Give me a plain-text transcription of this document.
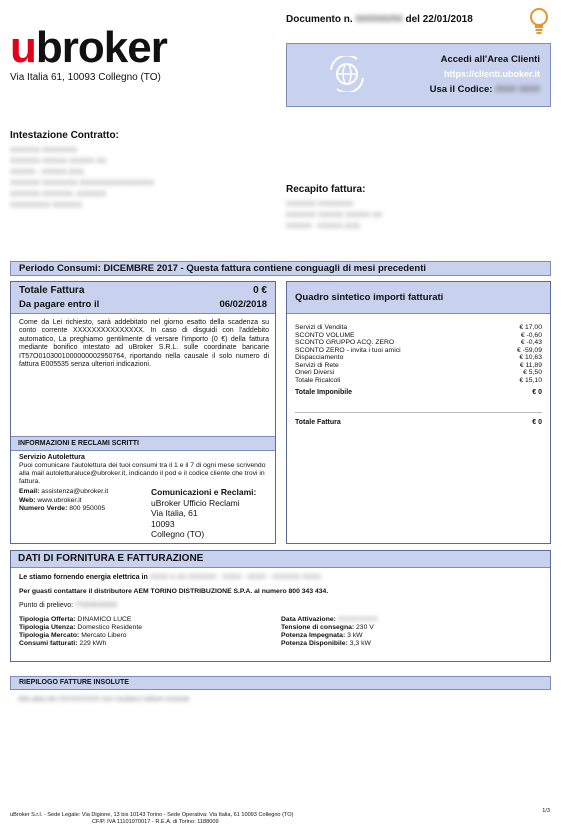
ubroker
Via Italia 61, 10093 Collegno (TO)
Documento n. 000000/00 del 22/01/2018
Accedi all'Area Clienti
https://clienti.uboker.it
Usa il Codice: 0000 0000
Intestazione Contratto:
XXXXXX XXXXXXX
XXXXXX XXXXX XXXXX XX
XXXXX - XXXXX (XX)
XXXXXX XXXXXXX XXXXXXXXXXXXXXX
XXXXXX XXXXXX: XXXXXX
XXXXXXXX XXXXXX
Recapito fattura:
XXXXXX XXXXXXX
XXXXXX XXXXX XXXXX XX
XXXXX - XXXXX (XX)
Periodo Consumi: DICEMBRE 2017 - Questa fattura contiene conguagli di mesi precedenti
Totale Fattura	0 €
Da pagare entro il	06/02/2018
Come da Lei richiesto, sarà addebitato nel giorno esatto della scadenza su conto corrente XXXXXXXXXXXXXXX. In caso di disguidi con l'addebito automatico, La preghiamo gentilmente di versare l'importo (0 €) della fattura mediante bonifico intestato ad uBroker S.R.L. sulle coordinate bancarie IT57O0103001000000002950764, riportando nella causale il solo numero di fattura E005535 senza ulteriori indicazioni.
INFORMAZIONI E RECLAMI SCRITTI
Servizio Autolettura
Puoi comunicare l'autolettura dei tuoi consumi tra il 1 e il 7 di ogni mese scrivendo alla mail autoletturaluce@ubroker.it, indicando il pod e il codice cliente che trovi in fattura.
Email: assistenza@ubroker.it
Web: www.ubroker.it
Numero Verde: 800 950005
Comunicazioni e Reclami:
uBroker Ufficio Reclami
Via Italia, 61
10093
Collegno (TO)
Quadro sintetico importi fatturati
Servizi di Vendita	€ 17,00
SCONTO VOLUME	€ -0,60
SCONTO GRUPPO ACQ. ZERO	€ -0,43
SCONTO ZERO - invita i tuoi amici	€ -59,09
Dispacciamento	€ 10,63
Servizi di Rete	€ 11,89
Oneri Diversi	€ 5,50
Totale Ricalcoli	€ 15,10
Totale Imponibile	€ 0
Totale Fattura	€ 0
DATI DI FORNITURA E FATTURAZIONE
Le stiamo fornendo energia elettrica in XXXX X XX XXXXXX - XXXX - XXXX - XXXXXX XXXX
Per guasti contattare il distributore AEM TORINO DISTRIBUZIONE S.P.A. al numero 800 343 434.
Punto di prelievo: IT000E00000
Tipologia Offerta: DINAMICO LUCE
Tipologia Utenza: Domestico Residente
Tipologia Mercato: Mercato Libero
Consumi fatturati: 229 kWh
Data Attivazione: XX/XX/XXXX
Tensione di consegna: 230 V
Potenza Impegnata: 3 kW
Potenza Disponibile: 3,3 kW
RIEPILOGO FATTURE INSOLUTE
Alla data del XX/XX/XXXX non risultano fatture insolute
uBroker S.r.l. - Sede Legale: Via Digione, 13 bis 10143 Torino - Sede Operativa: Via Italia, 61 10093 Collegno (TO)
CF/P. IVA 11101970017 - R.E.A. di Torino: 1188009
1/3
